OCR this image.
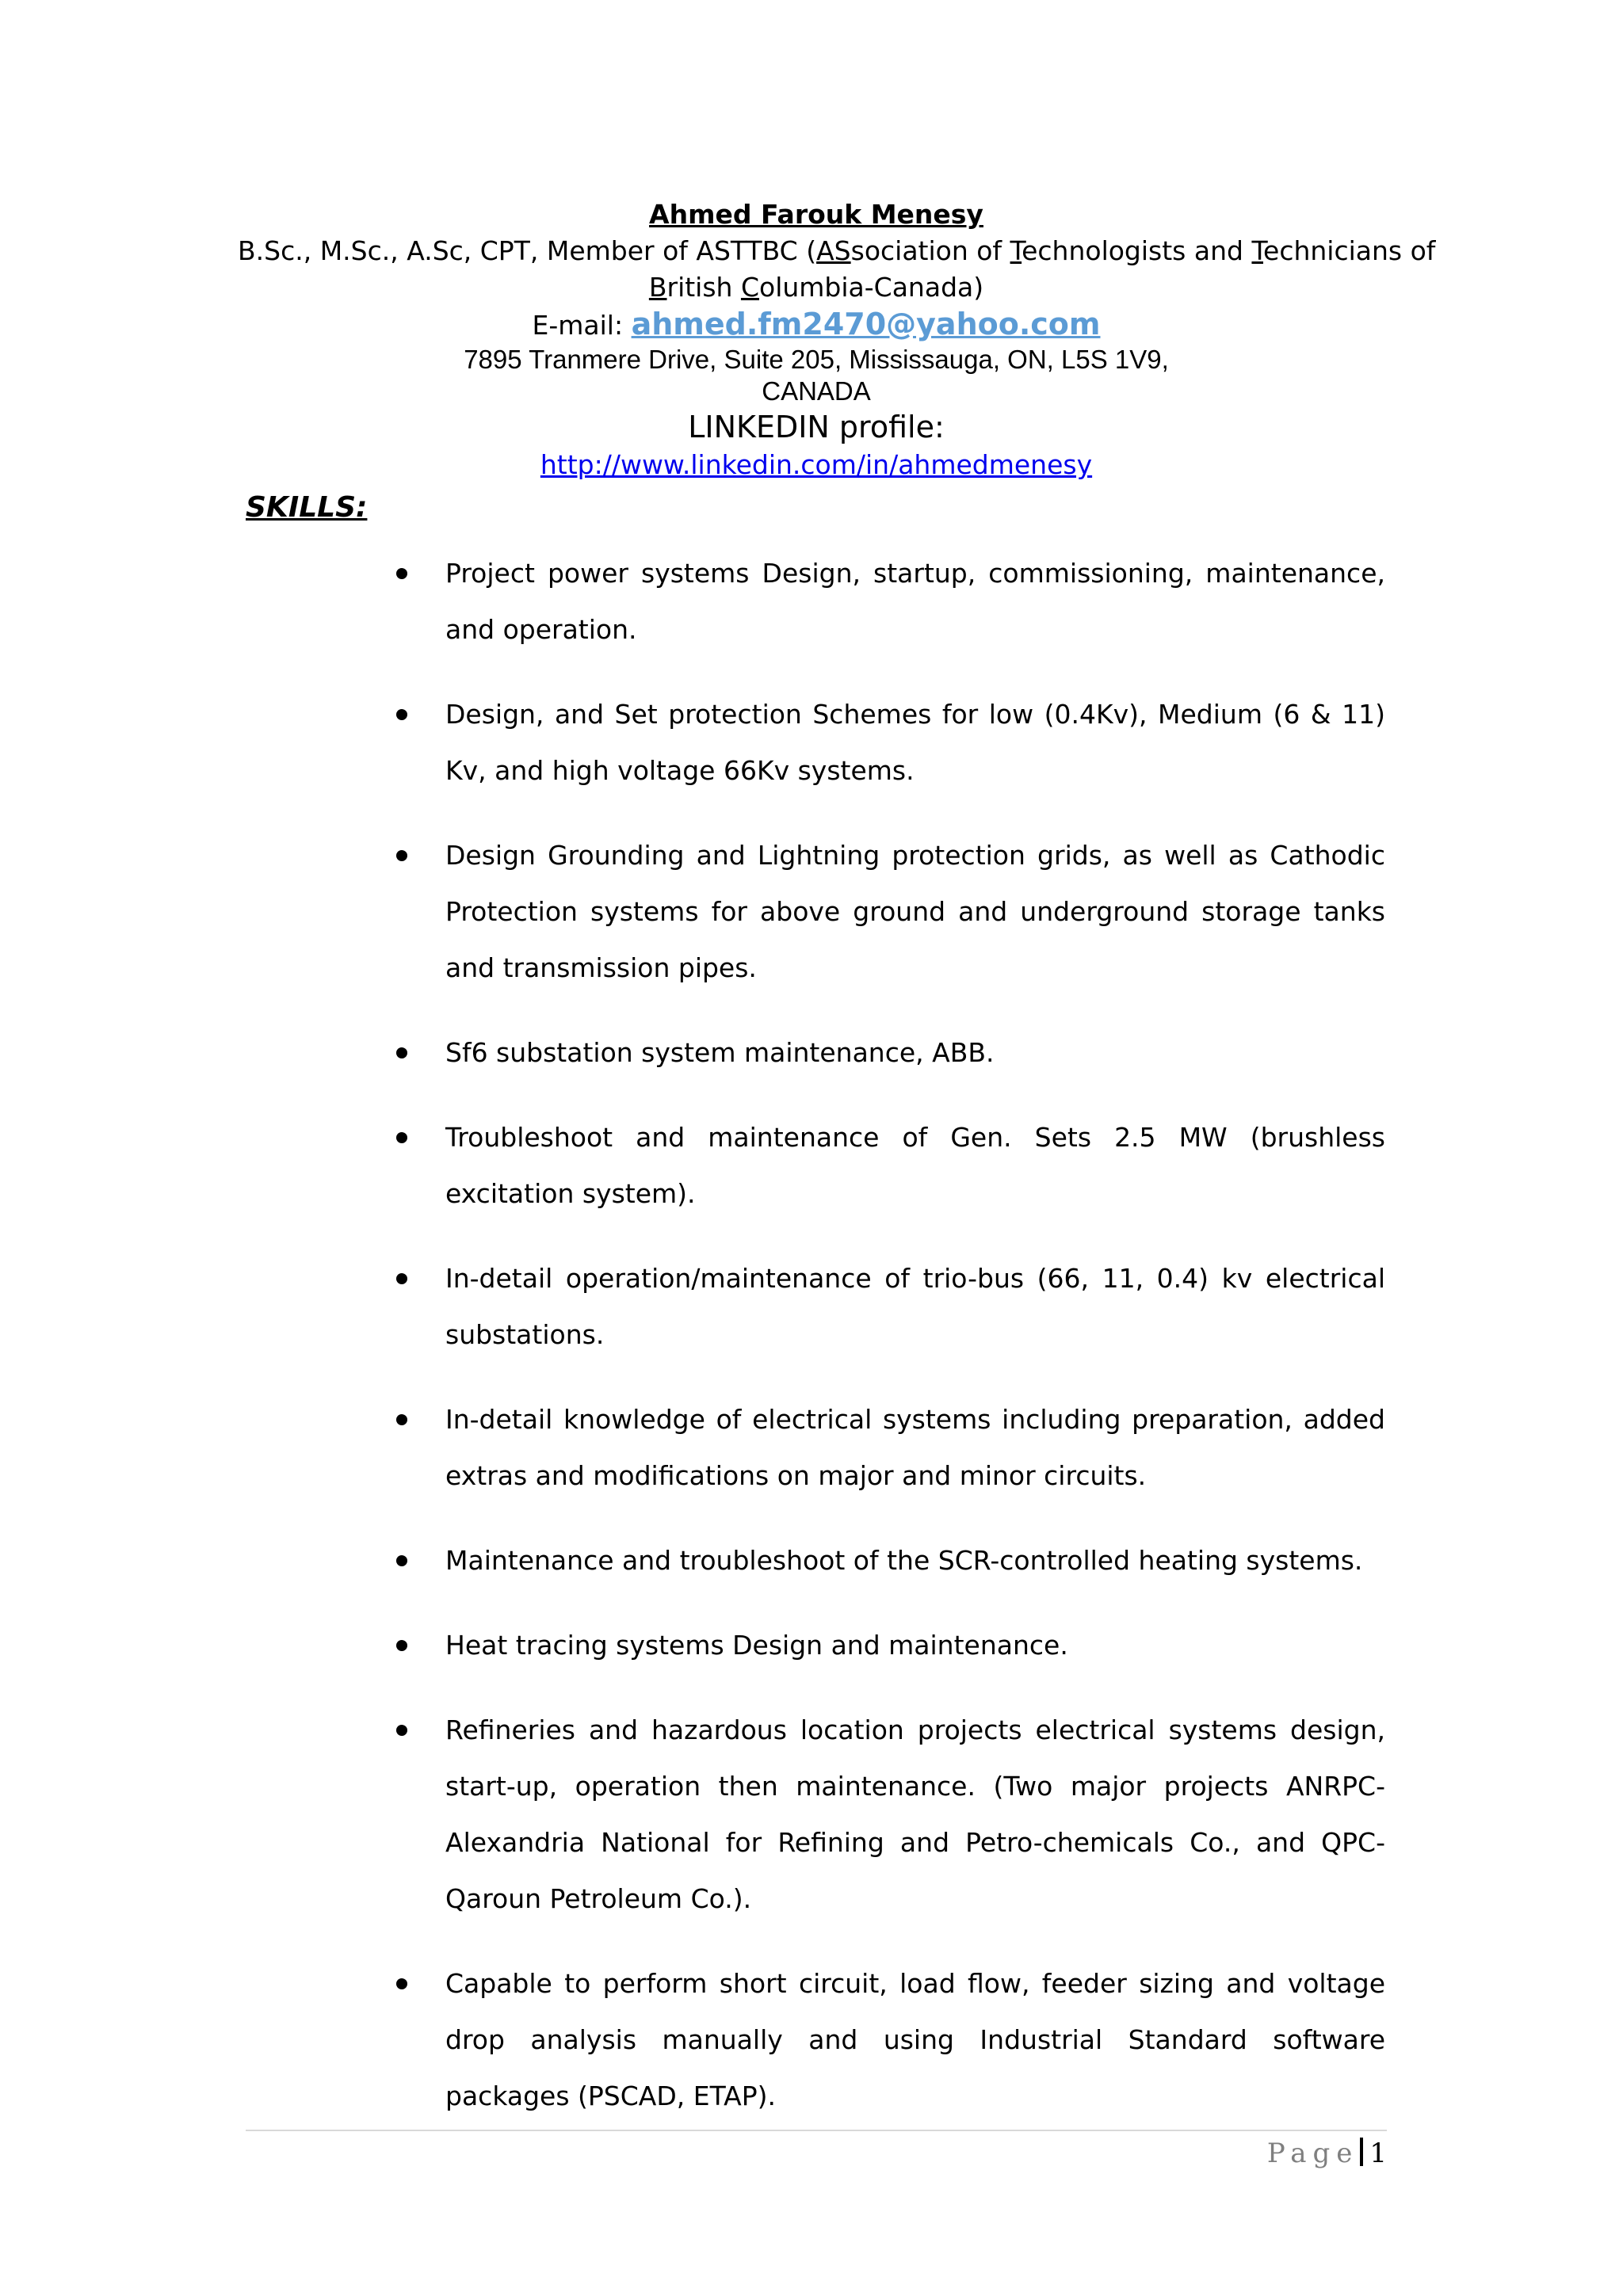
Ahmed Farouk Menesy
B.Sc., M.Sc., A.Sc, CPT, Member of ASTTBC (ASsociation of Technologists and Technicians of
British Columbia-Canada)
E-mail: ahmed.fm2470@yahoo.com
7895 Tranmere Drive, Suite 205, Mississauga, ON, L5S 1V9,
CANADA
LINKEDIN profile:
http://www.linkedin.com/in/ahmedmenesy
SKILLS:
Project power systems Design, startup, commissioning, maintenance, and operation.
Design, and Set protection Schemes for low (0.4Kv), Medium (6 & 11) Kv, and high voltage 66Kv systems.
Design Grounding and Lightning protection grids, as well as Cathodic Protection systems for above ground and underground storage tanks and transmission pipes.
Sf6 substation system maintenance, ABB.
Troubleshoot and maintenance of Gen. Sets 2.5 MW (brushless excitation system).
In-detail operation/maintenance of trio-bus (66, 11, 0.4) kv electrical substations.
In-detail knowledge of electrical systems including preparation, added extras and modifications on major and minor circuits.
Maintenance and troubleshoot of the SCR-controlled heating systems.
Heat tracing systems Design and maintenance.
Refineries and hazardous location projects electrical systems design, start-up, operation then maintenance. (Two major projects ANRPC-Alexandria National for Refining and Petro-chemicals Co., and QPC-Qaroun Petroleum Co.).
Capable to perform short circuit, load flow, feeder sizing and voltage drop analysis manually and using Industrial Standard software packages (PSCAD, ETAP).
Page 1
